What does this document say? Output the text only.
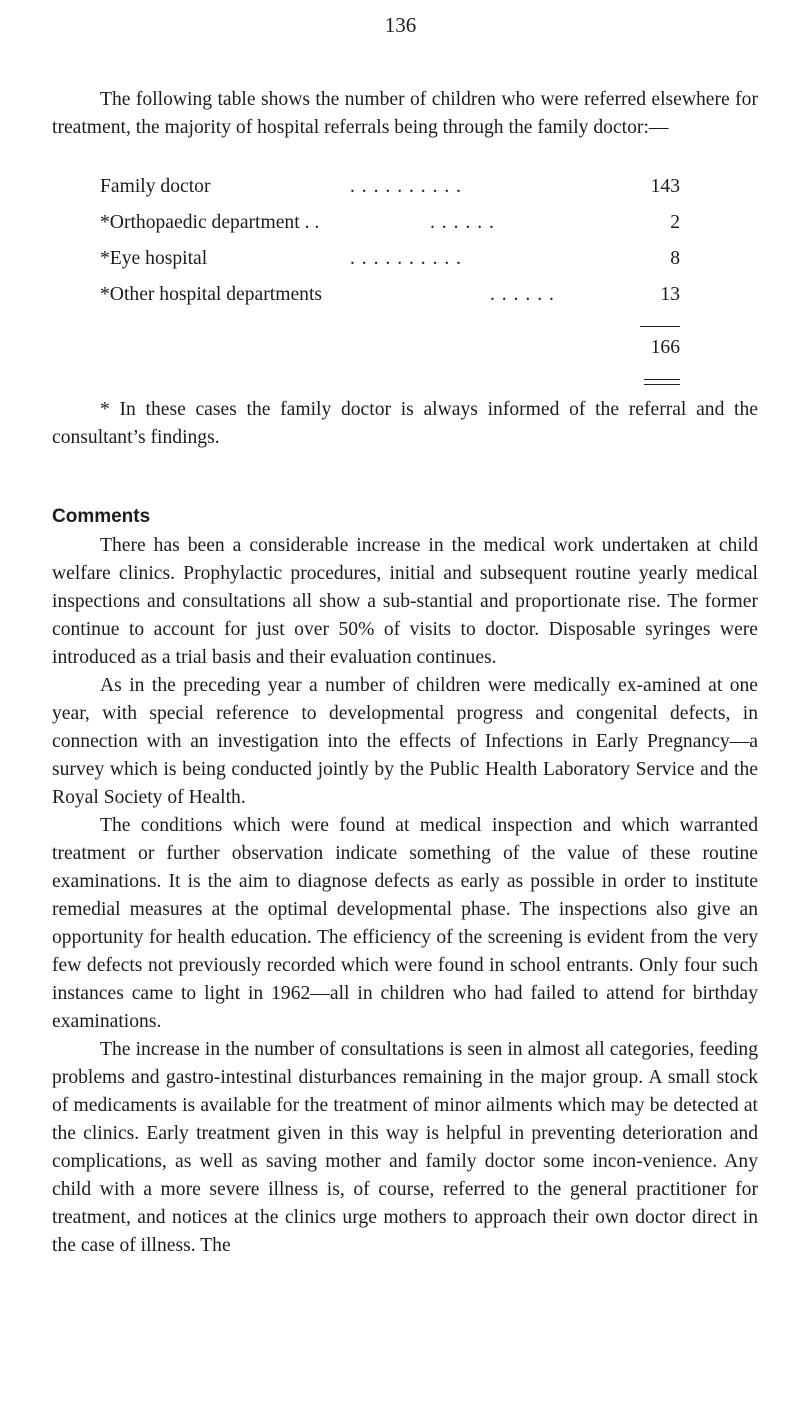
136
The following table shows the number of children who were referred elsewhere for treatment, the majority of hospital referrals being through the family doctor:—
Family doctor	. . . . . . . . . .	143
*Orthopaedic department . .	. . . . . .	2
*Eye hospital	. . . . . . . . . .	8
*Other hospital departments	. . . . . .	13
166
* In these cases the family doctor is always informed of the referral and the consultant’s findings.
Comments
There has been a considerable increase in the medical work undertaken at child welfare clinics. Prophylactic procedures, initial and subsequent routine yearly medical inspections and consultations all show a sub-stantial and proportionate rise. The former continue to account for just over 50% of visits to doctor. Disposable syringes were introduced as a trial basis and their evaluation continues.
As in the preceding year a number of children were medically ex-amined at one year, with special reference to developmental progress and congenital defects, in connection with an investigation into the effects of Infections in Early Pregnancy—a survey which is being conducted jointly by the Public Health Laboratory Service and the Royal Society of Health.
The conditions which were found at medical inspection and which warranted treatment or further observation indicate something of the value of these routine examinations. It is the aim to diagnose defects as early as possible in order to institute remedial measures at the optimal developmental phase. The inspections also give an opportunity for health education. The efficiency of the screening is evident from the very few defects not previously recorded which were found in school entrants. Only four such instances came to light in 1962—all in children who had failed to attend for birthday examinations.
The increase in the number of consultations is seen in almost all categories, feeding problems and gastro-intestinal disturbances remaining in the major group. A small stock of medicaments is available for the treatment of minor ailments which may be detected at the clinics. Early treatment given in this way is helpful in preventing deterioration and complications, as well as saving mother and family doctor some incon-venience. Any child with a more severe illness is, of course, referred to the general practitioner for treatment, and notices at the clinics urge mothers to approach their own doctor direct in the case of illness. The
